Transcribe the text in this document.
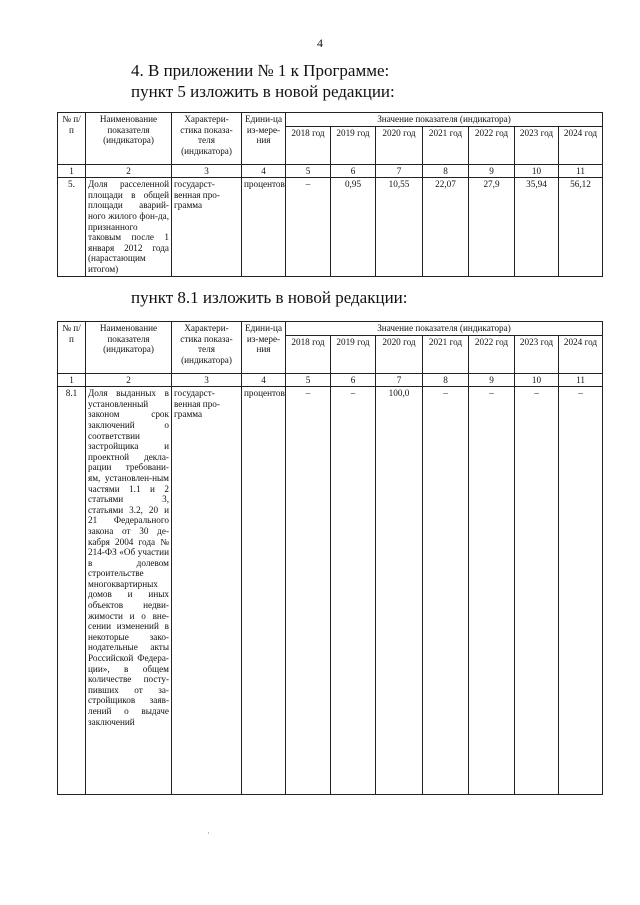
4
4. В приложении № 1 к Программе:
пункт 5 изложить в новой редакции:
№ п/п	Наименование показателя (индикатора)	Характери-стика показа-теля (индикатора)	Едини-ца из-мере-ния	Значение показателя (индикатора)						
				2018 год	2019 год	2020 год	2021 год	2022 год	2023 год	2024 год
1	2	3	4	5	6	7	8	9	10	11
5.	Доля расселенной площади в общей площади аварий-ного жилого фон-да, признанного таковым после 1 января 2012 года (нарастающим итогом)	государст-венная про-грамма	процентов	–	0,95	10,55	22,07	27,9	35,94	56,12
пункт 8.1 изложить в новой редакции:
№ п/п	Наименование показателя (индикатора)	Характери-стика показа-теля (индикатора)	Едини-ца из-мере-ния	Значение показателя (индикатора)						
				2018 год	2019 год	2020 год	2021 год	2022 год	2023 год	2024 год
1	2	3	4	5	6	7	8	9	10	11
8.1	Доля выданных в установленный законом срок заключений о соответствии застройщика и проектной декла-рации требовани-ям, установлен-ным частями 1.1 и 2 статьями 3, статьями 3.2, 20 и 21 Федерального закона от 30 де-кабря 2004 года № 214-ФЗ «Об участии в долевом строительстве многоквартирных домов и иных объектов недви-жимости и о вне-сении изменений в некоторые зако-нодательные акты Российской Федера-ции», в общем количестве посту-пивших от за-стройщиков заяв-лений о выдаче заключений	государст-венная про-грамма	процентов	–	–	100,0	–	–	–	–
·
